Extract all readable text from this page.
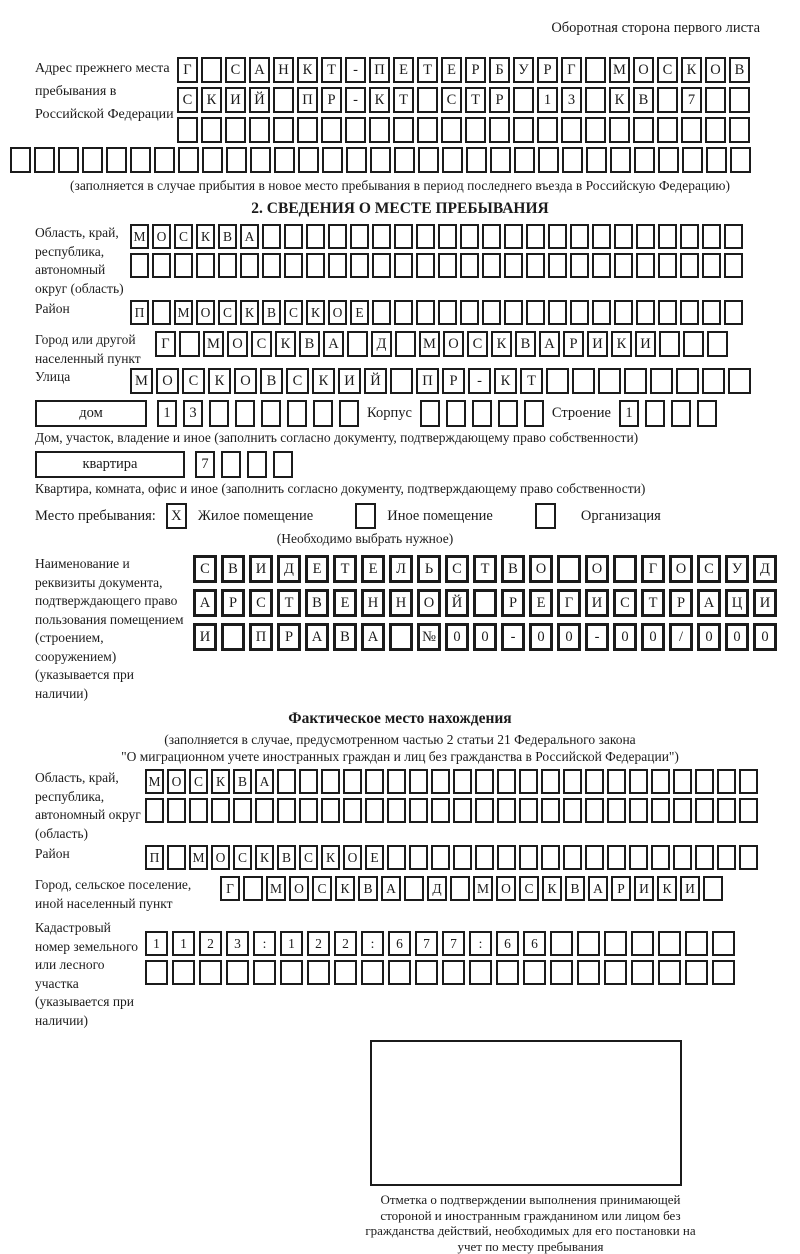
Оборотная сторона первого листа
Адрес прежнего места пребывания в Российской Федерации
Г	С А Н К	Т	-	П Е	Т	Е	Р	Б	У	Р	Г	М О С К О В
С К И Й	П	Р	-	К	Т	С	Т	Р	1	3	К В	7
(заполняется в случае прибытия в новое место пребывания в период последнего въезда в Российскую Федерацию)
2. СВЕДЕНИЯ О МЕСТЕ ПРЕБЫВАНИЯ
Область, край, республика, автономный округ (область)
М О С К В А
Район	П	М О С К В С К О Е
Город или другой населенный пункт
Г	М О С К В А	Д	М О С К В А	Р	И К И
Улица	М О	С	К	О	В	С	К	И	Й	П	Р	-	К	Т
дом	1	3	Корпус	Строение 1
Дом, участок, владение и иное (заполнить согласно документу, подтверждающему право собственности)
квартира	7
Квартира, комната, офис и иное (заполнить согласно документу, подтверждающему право собственности)
Место пребывания:	X	Жилое помещение	Иное помещение	Организация
(Необходимо выбрать нужное)
Наименование и реквизиты документа, подтверждающего право пользования помещением (строением, сооружением) (указывается при наличии)
С	В	И	Д	Е	Т	Е	Л	Ь	С	Т	В	О	О	Г	О	С	У	Д
А	Р	С	Т	В	Е	Н	Н	О	Й	Р	Е	Г	И	С	Т	Р	А	Ц	И
И	П	Р	А	В	А	№	0	0	-	0	0	-	0	0	/	0	0	0
Фактическое место нахождения
(заполняется в случае, предусмотренном частью 2 статьи 21 Федерального закона
"О миграционном учете иностранных граждан и лиц без гражданства в Российской Федерации")
Область, край, республика, автономный округ (область)
М О С К В А
Район	П	М О С К В С К О Е
Город, сельское поселение, иной населенный пункт
Г	М О	С	К	В	А	Д	М О	С	К	В	А	Р	И	К	И
Кадастровый номер земельного или лесного участка (указывается при наличии)
1	1	2	3	:	1	2	2	:	6	7	7	:	6	6
Отметка о подтверждении выполнения принимающей стороной и иностранным гражданином или лицом без гражданства действий, необходимых для его постановки на учет по месту пребывания
